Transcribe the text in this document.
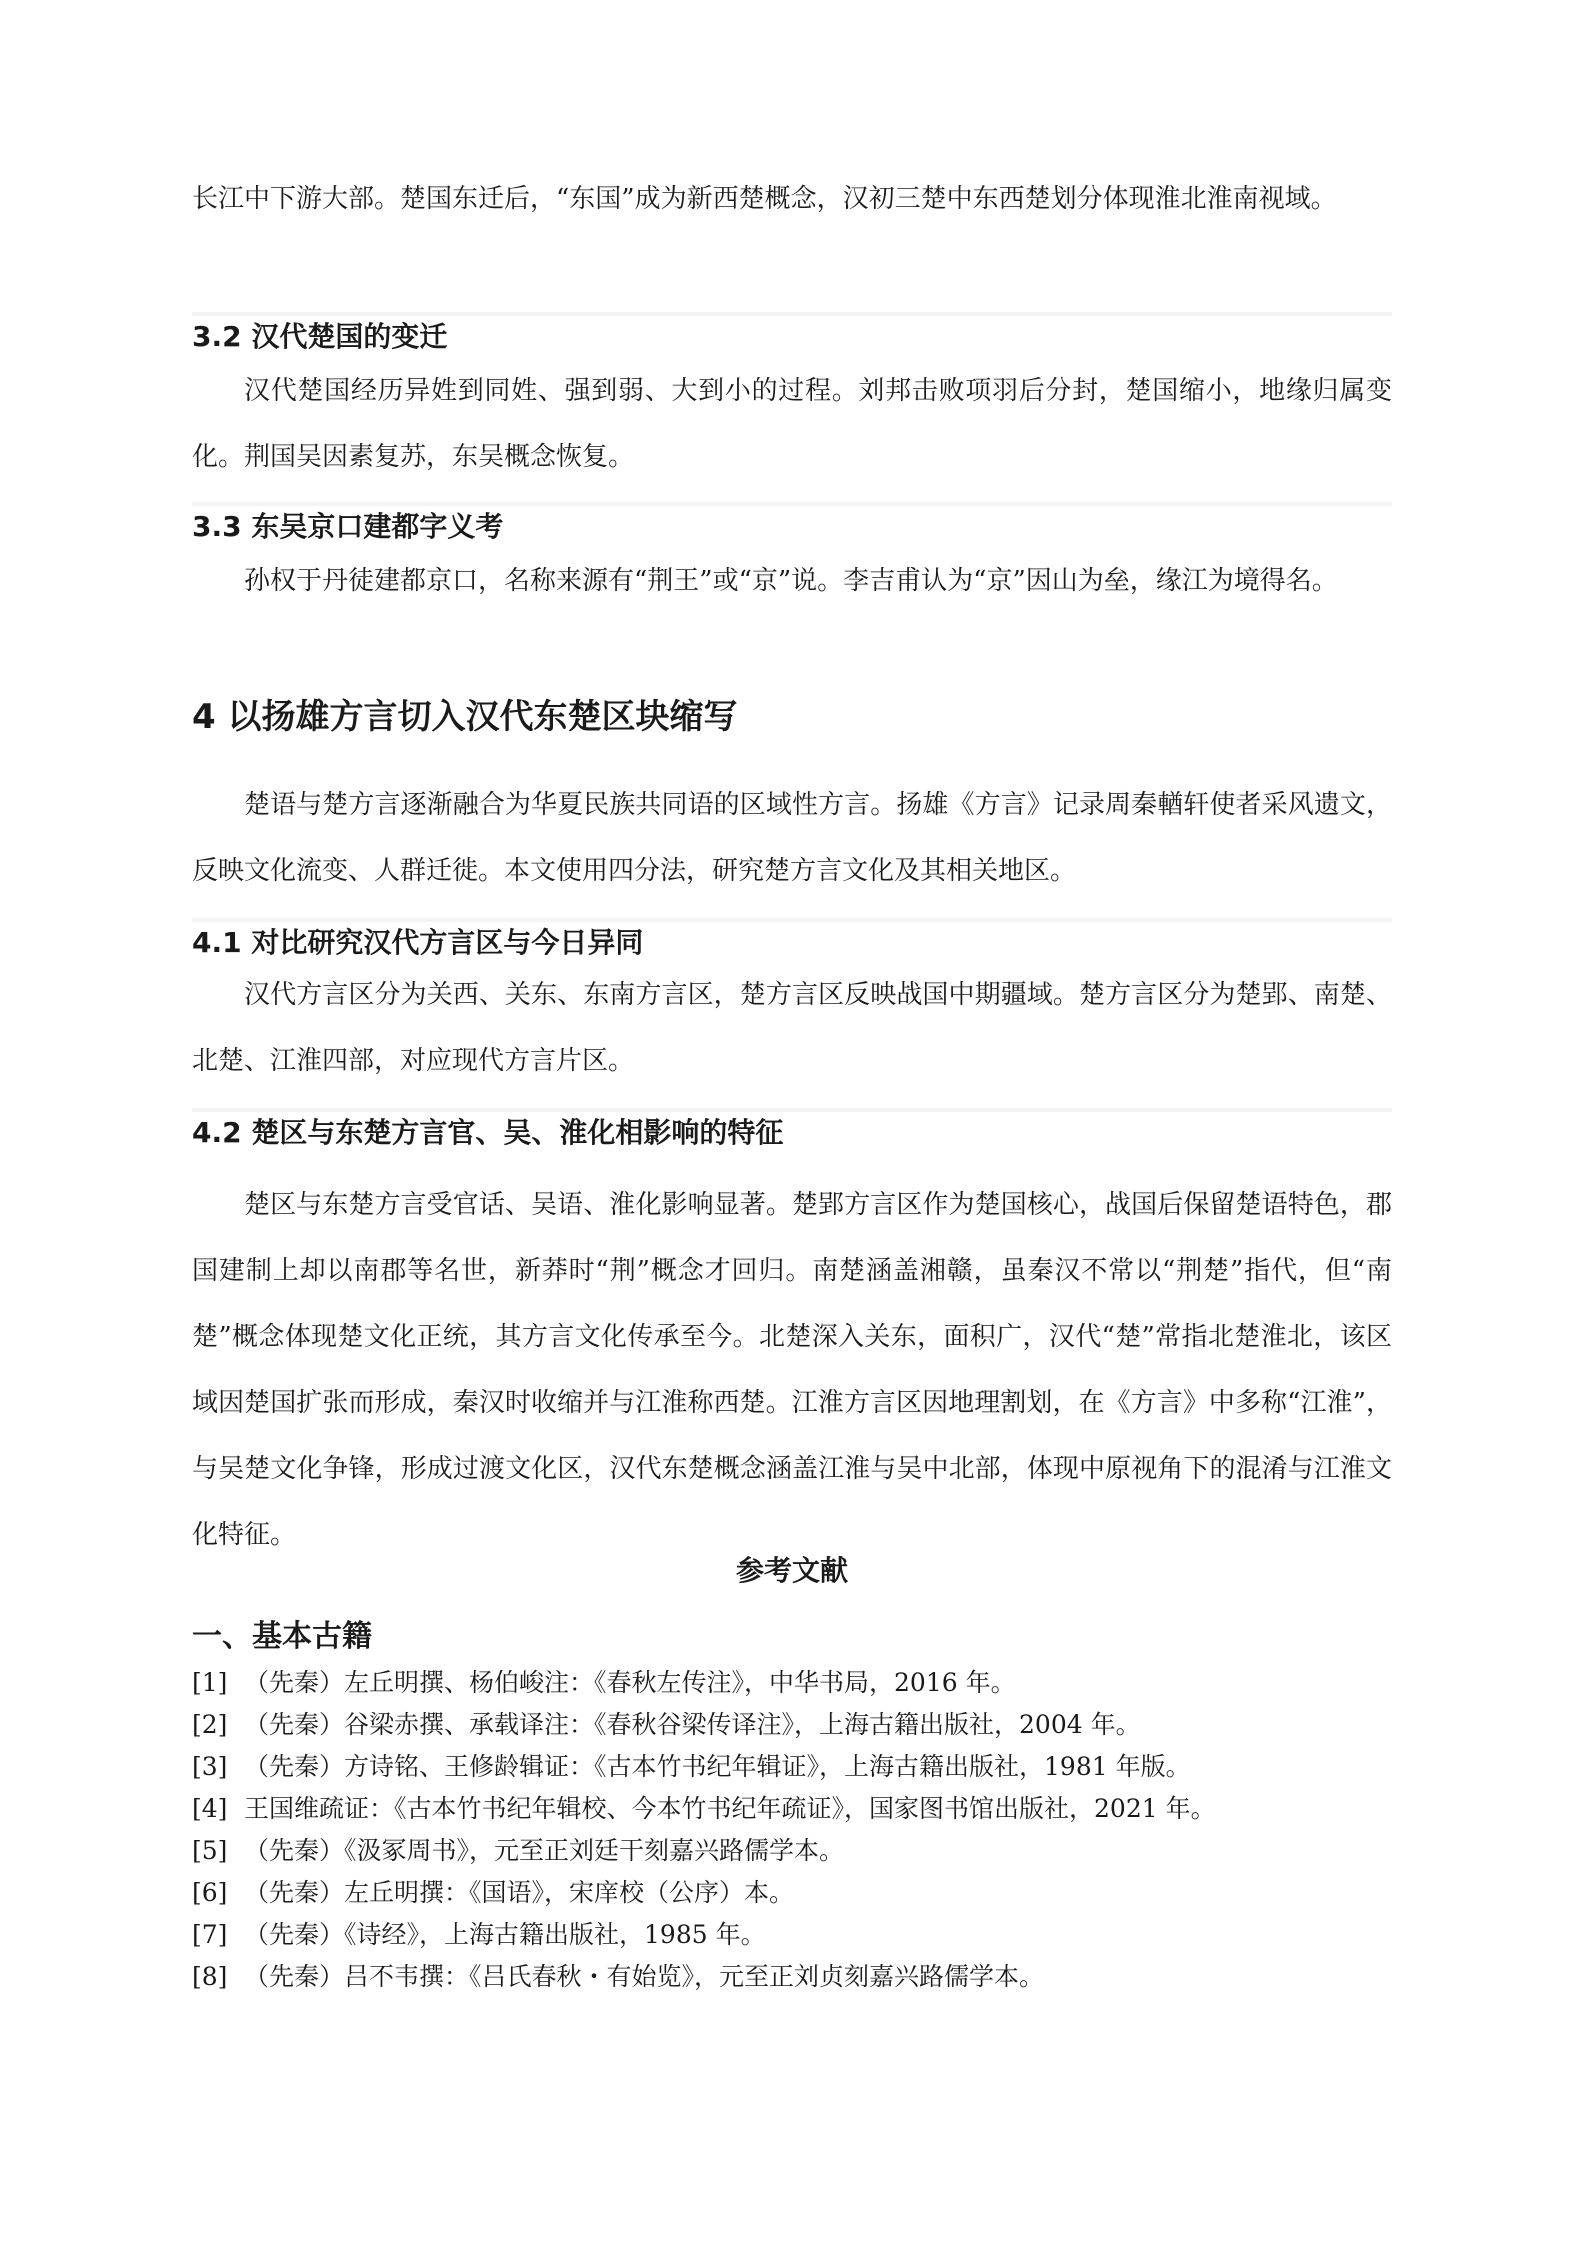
长江中下游大部。楚国东迁后，“东国”成为新西楚概念，汉初三楚中东西楚划分体现淮北淮南视域。

3.2 汉代楚国的变迁

汉代楚国经历异姓到同姓、强到弱、大到小的过程。刘邦击败项羽后分封，楚国缩小，地缘归属变化。荆国吴因素复苏，东吴概念恢复。

3.3 东吴京口建都字义考

孙权于丹徒建都京口，名称来源有“荆王”或“京”说。李吉甫认为“京”因山为垒，缘江为境得名。

4 以扬雄方言切入汉代东楚区块缩写

楚语与楚方言逐渐融合为华夏民族共同语的区域性方言。扬雄《方言》记录周秦輶轩使者采风遗文，反映文化流变、人群迁徙。本文使用四分法，研究楚方言文化及其相关地区。

4.1 对比研究汉代方言区与今日异同

汉代方言区分为关西、关东、东南方言区，楚方言区反映战国中期疆域。楚方言区分为楚郢、南楚、北楚、江淮四部，对应现代方言片区。

4.2 楚区与东楚方言官、吴、淮化相影响的特征

楚区与东楚方言受官话、吴语、淮化影响显著。楚郢方言区作为楚国核心，战国后保留楚语特色，郡国建制上却以南郡等名世，新莽时“荆”概念才回归。南楚涵盖湘赣，虽秦汉不常以“荆楚”指代，但“南楚”概念体现楚文化正统，其方言文化传承至今。北楚深入关东，面积广，汉代“楚”常指北楚淮北，该区域因楚国扩张而形成，秦汉时收缩并与江淮称西楚。江淮方言区因地理割划，在《方言》中多称“江淮”，与吴楚文化争锋，形成过渡文化区，汉代东楚概念涵盖江淮与吴中北部，体现中原视角下的混淆与江淮文化特征。

参考文献
一、基本古籍
[1] （先秦）左丘明撰、杨伯峻注：《春秋左传注》，中华书局，2016 年。
[2] （先秦）谷梁赤撰、承载译注：《春秋谷梁传译注》，上海古籍出版社，2004 年。
[3] （先秦）方诗铭、王修龄辑证：《古本竹书纪年辑证》，上海古籍出版社，1981 年版。
[4] 王国维疏证：《古本竹书纪年辑校、今本竹书纪年疏证》，国家图书馆出版社，2021 年。
[5] （先秦）《汲冢周书》，元至正刘廷干刻嘉兴路儒学本。
[6] （先秦）左丘明撰：《国语》，宋庠校（公序）本。
[7] （先秦）《诗经》，上海古籍出版社，1985 年。
[8] （先秦）吕不韦撰：《吕氏春秋・有始览》，元至正刘贞刻嘉兴路儒学本。
